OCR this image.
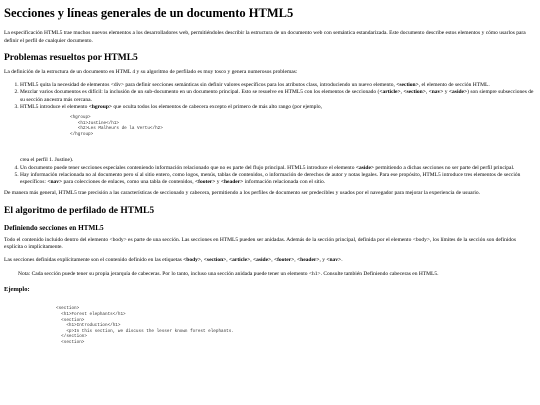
Secciones y líneas generales de un documento HTML5

La especificación HTML5 trae muchos nuevos elementos a los desarrolladores web, permitiéndoles describir la estructura de un documento web con semántica estandarizada. Este documento describe estos elementos y cómo usarlos para definir el perfil de cualquier documento.

Problemas resueltos por HTML5

La definición de la estructura de un documento en HTML 4 y su algoritmo de perfilado es muy tosco y genera numerosos problemas:

1. HTML5 quita la necesidad de elementos <div> para definir secciones semánticas sin definir valores específicos para los atributos class, introduciendo un nuevo elemento, <section>, el elemento de sección HTML.
2. Mezclar varios documentos es difícil: la inclusión de un sub-documento en un documento principal. Esto se resuelve en HTML5 con los elementos de seccionado (<article>, <section>, <nav> y <aside>) son siempre subsecciones de su sección ancestra más cercana.
3. HTML5 introduce el elemento <hgroup> que oculta todos los elementos de cabecera excepto el primero de más alto rango (por ejemplo,
<hgroup>
<h1>Justine</h1>
<h2>Les Malheurs de la Vertu</h2>
</hgroup>
crea el perfil 1. Justine).
4. Un documento puede tener secciones especiales conteniendo información relacionado que no es parte del flujo principal. HTML5 introduce el elemento <aside> permitiendo a dichas secciones no ser parte del perfil principal.
5. Hay información relacionada no al documento pero sí al sitio entero, como logos, menús, tablas de contenidos, o información de derechos de autor y notas legales. Para ese propósito, HTML5 introduce tres elementos de sección específicos: <nav> para colecciones de enlaces, como una tabla de contenidos, <footer> y <header> información relacionada con el sitio.

De manera más general, HTML5 trae precisión a las características de seccionado y cabecera, permitiendo a los perfiles de documento ser predecibles y usados por el navegador para mejorar la experiencia de usuario.

El algoritmo de perfilado de HTML5
Definiendo secciones en HTML5

Todo el contenido incluido dentro del elemento <body> es parte de una sección. Las secciones en HTML5 pueden ser anidadas. Además de la sección principal, definida por el elemento <body>, los límites de la sección son definidos explícita o implícitamente.

Las secciones definidas explícitamente son el contenido definido en las etiquetas <body>, <section>, <article>, <aside>, <footer>, <header>, y <nav>.

Nota: Cada sección puede tener su propia jerarquía de cabeceras. Por lo tanto, incluso una sección anidada puede tener un elemento <h1>. Consulte también Definiendo cabeceras en HTML5.

Ejemplo:
<section>
<h1>Forest elephants</h1>
<section>
<h1>Introduction</h1>
<p>In this section, we discuss the lesser known forest elephants.
</section>
<section>
